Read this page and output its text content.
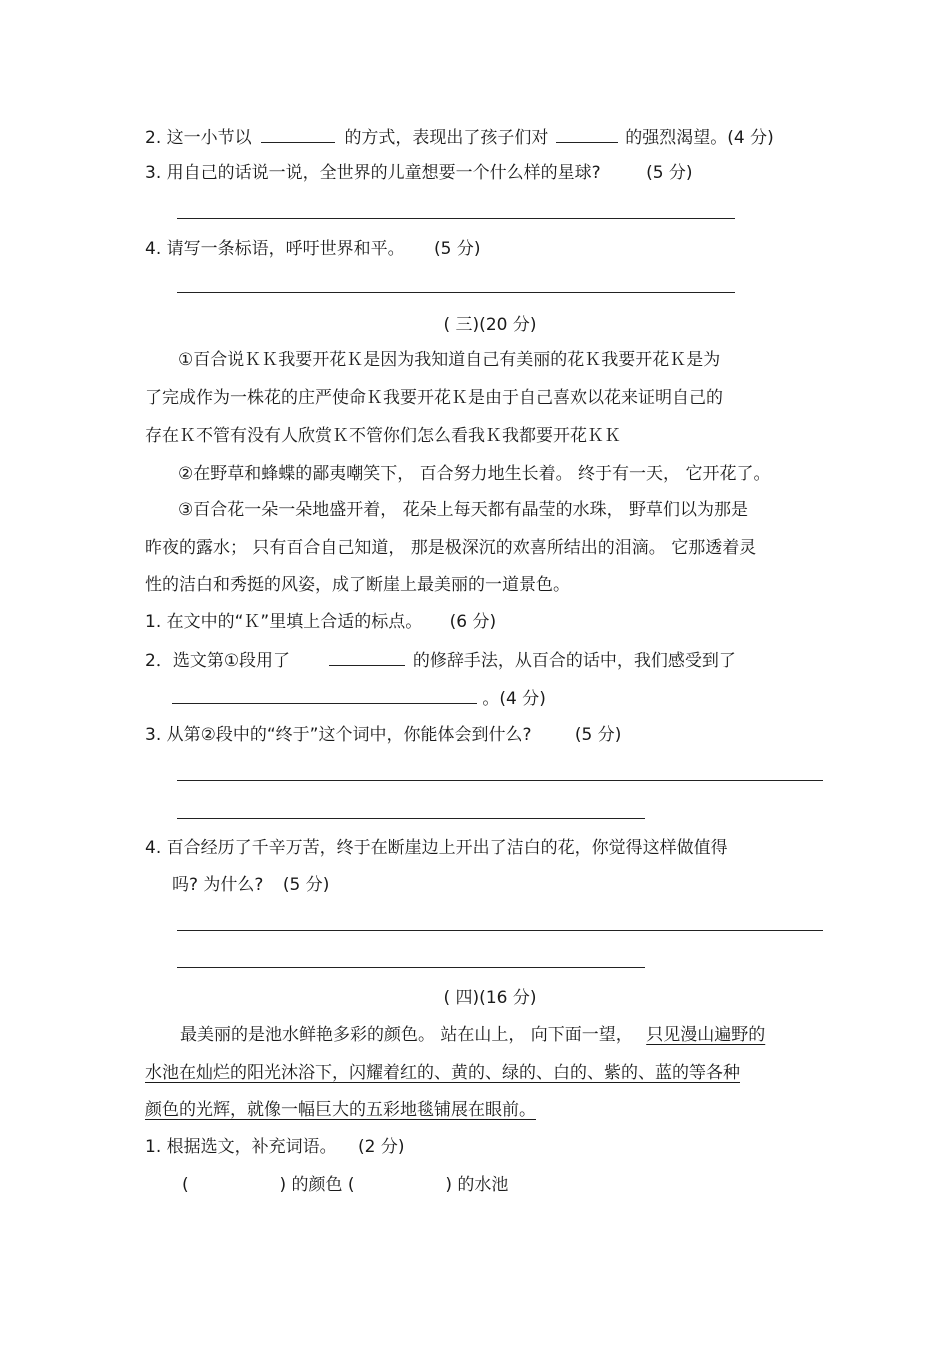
2. 这一小节以	的方式，表现出了孩子们对	的强烈渴望。(4 分)
3. 用自己的话说一说，全世界的儿童想要一个什么样的星球?	(5 分)
4. 请写一条标语，呼吁世界和平。 (5 分)
( 三)(20 分)
①百合说ＫＫ我要开花Ｋ是因为我知道自己有美丽的花Ｋ我要开花Ｋ是为
了完成作为一株花的庄严使命Ｋ我要开花Ｋ是由于自己喜欢以花来证明自己的
存在Ｋ不管有没有人欣赏Ｋ不管你们怎么看我Ｋ我都要开花ＫＫ
②在野草和蜂蝶的鄙夷嘲笑下， 百合努力地生长着。 终于有一天， 它开花了。
③百合花一朵一朵地盛开着， 花朵上每天都有晶莹的水珠， 野草们以为那是
昨夜的露水； 只有百合自己知道， 那是极深沉的欢喜所结出的泪滴。 它那透着灵
性的洁白和秀挺的风姿，成了断崖上最美丽的一道景色。
1. 在文中的“Ｋ”里填上合适的标点。 (6 分)
2．选文第①段用了	的修辞手法，从百合的话中，我们感受到了
。(4 分)
3. 从第②段中的“终于”这个词中，你能体会到什么?	(5 分)
4. 百合经历了千辛万苦，终于在断崖边上开出了洁白的花，你觉得这样做值得
吗? 为什么? (5 分)
( 四)(16 分)
最美丽的是池水鲜艳多彩的颜色。 站在山上， 向下面一望， 只见漫山遍野的
水池在灿烂的阳光沐浴下，闪耀着红的、黄的、绿的、白的、紫的、蓝的等各种
颜色的光辉，就像一幅巨大的五彩地毯铺展在眼前。
1. 根据选文，补充词语。 (2 分)
(	) 的颜色 (	) 的水池
